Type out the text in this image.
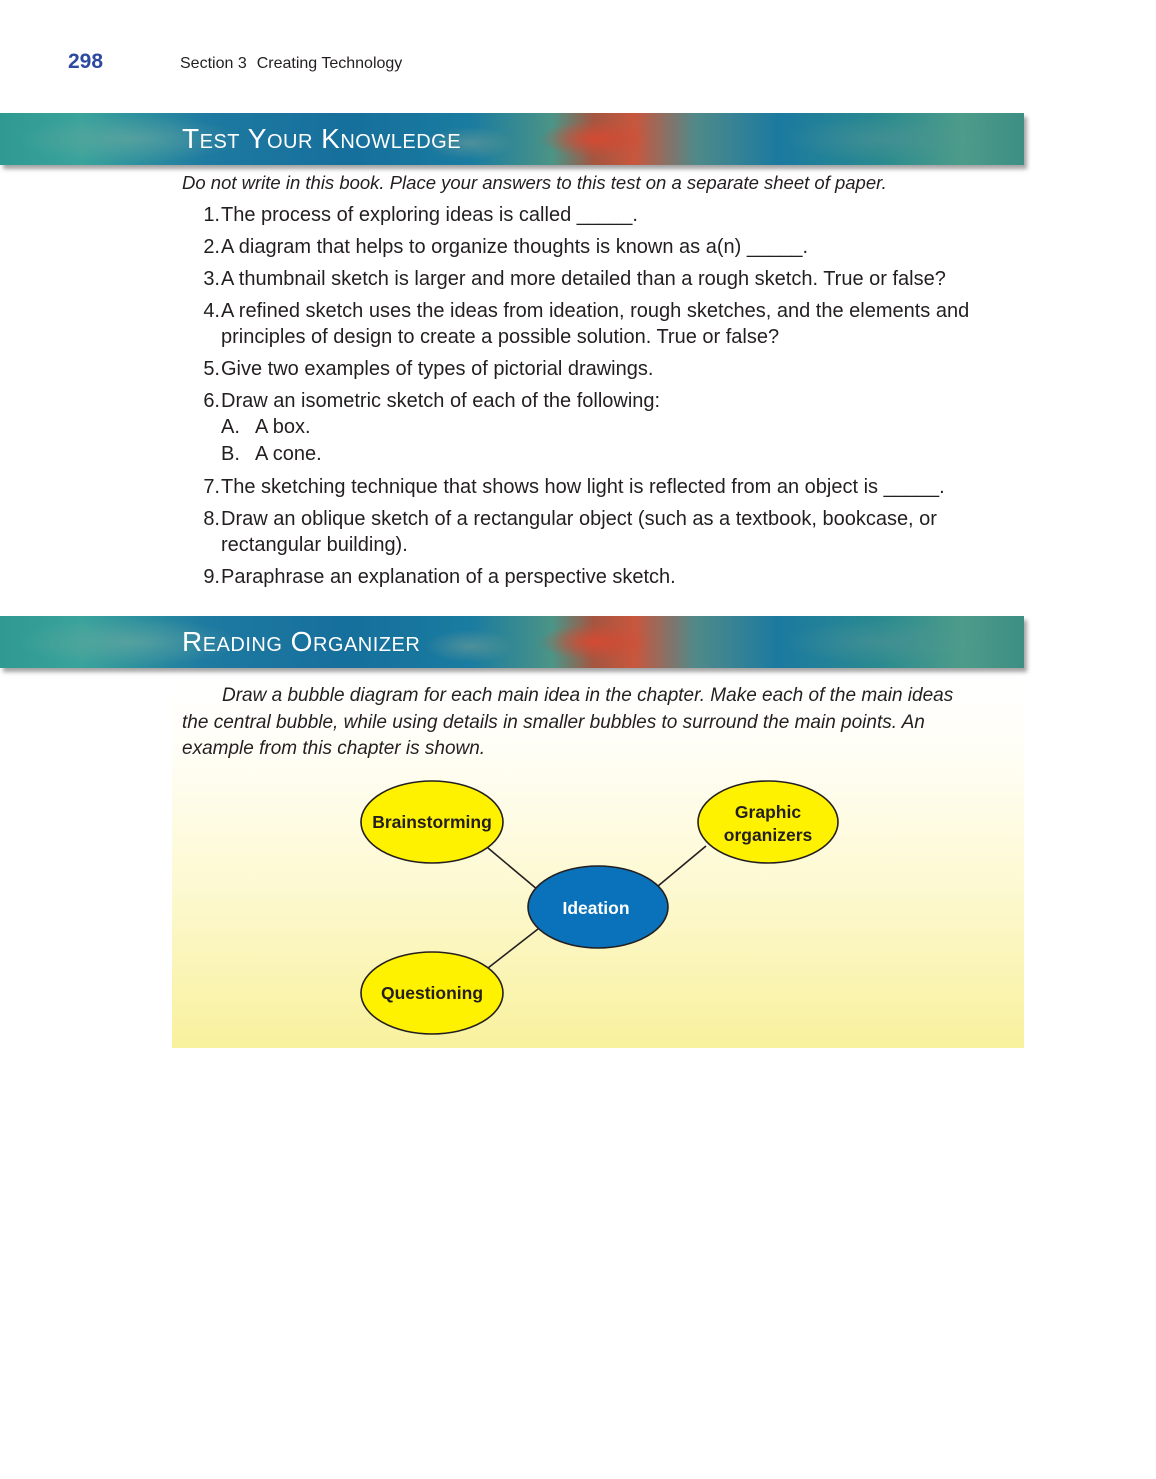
298	Section 3 Creating Technology
Test Your Knowledge
Do not write in this book. Place your answers to this test on a separate sheet of paper.
1. The process of exploring ideas is called _____.
2. A diagram that helps to organize thoughts is known as a(n) _____.
3. A thumbnail sketch is larger and more detailed than a rough sketch. True or false?
4. A refined sketch uses the ideas from ideation, rough sketches, and the elements and principles of design to create a possible solution. True or false?
5. Give two examples of types of pictorial drawings.
6. Draw an isometric sketch of each of the following:
A. A box.
B. A cone.
7. The sketching technique that shows how light is reflected from an object is _____.
8. Draw an oblique sketch of a rectangular object (such as a textbook, bookcase, or rectangular building).
9. Paraphrase an explanation of a perspective sketch.
Reading Organizer
Draw a bubble diagram for each main idea in the chapter. Make each of the main ideas the central bubble, while using details in smaller bubbles to surround the main points. An example from this chapter is shown.
Brainstorming	Graphic
organizers
Ideation
Questioning
